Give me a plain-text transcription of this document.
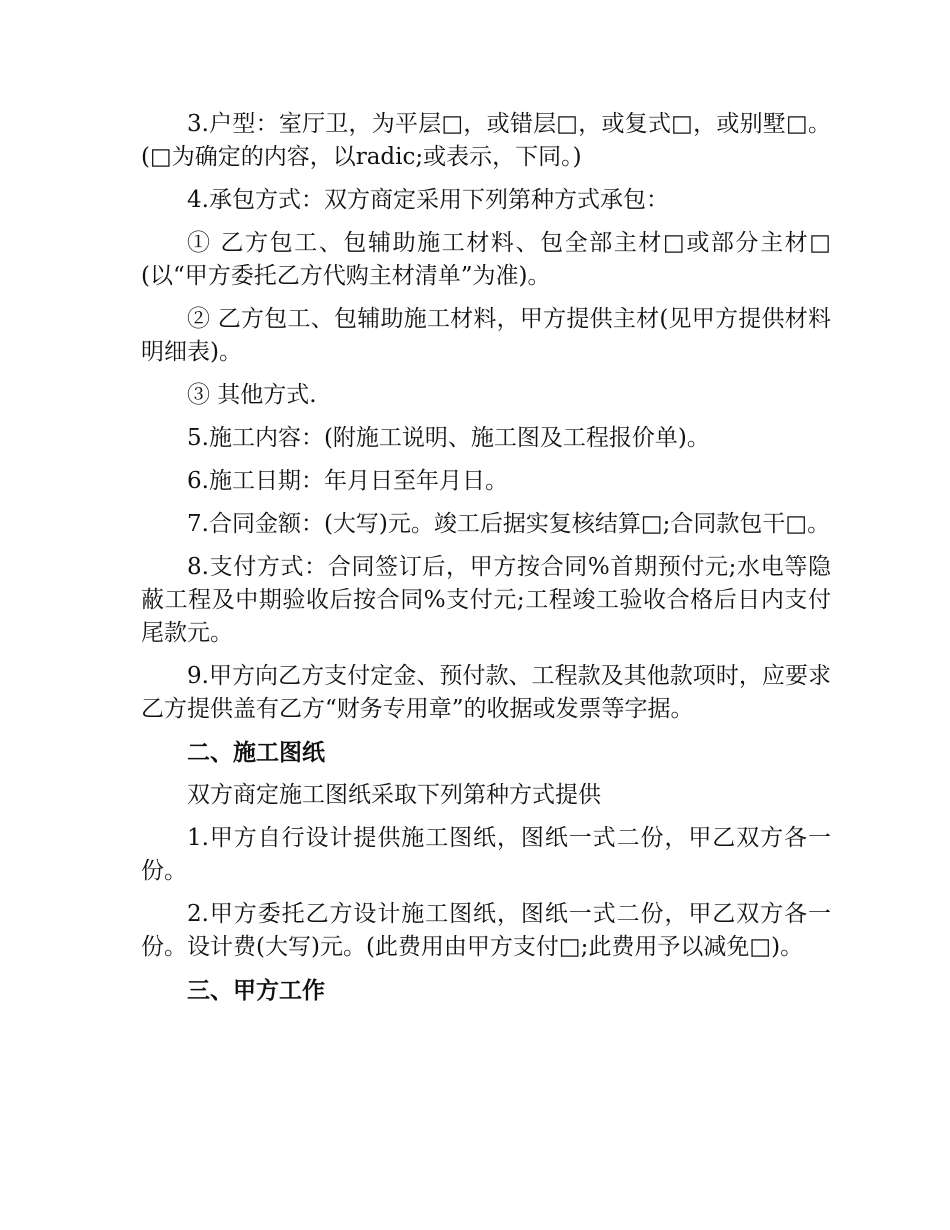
3.户型：室厅卫，为平层□，或错层□，或复式□，或别墅□。(□为确定的内容，以radic;或表示，下同。)

4.承包方式：双方商定采用下列第种方式承包：

① 乙方包工、包辅助施工材料、包全部主材□或部分主材□(以“甲方委托乙方代购主材清单”为准)。

② 乙方包工、包辅助施工材料，甲方提供主材(见甲方提供材料明细表)。

③ 其他方式.

5.施工内容：(附施工说明、施工图及工程报价单)。

6.施工日期：年月日至年月日。

7.合同金额：(大写)元。竣工后据实复核结算□;合同款包干□。

8.支付方式：合同签订后，甲方按合同%首期预付元;水电等隐蔽工程及中期验收后按合同%支付元;工程竣工验收合格后日内支付尾款元。

9.甲方向乙方支付定金、预付款、工程款及其他款项时，应要求乙方提供盖有乙方“财务专用章”的收据或发票等字据。

二、施工图纸

双方商定施工图纸采取下列第种方式提供

1.甲方自行设计提供施工图纸，图纸一式二份，甲乙双方各一份。

2.甲方委托乙方设计施工图纸，图纸一式二份，甲乙双方各一份。设计费(大写)元。(此费用由甲方支付□;此费用予以减免□)。

三、甲方工作
